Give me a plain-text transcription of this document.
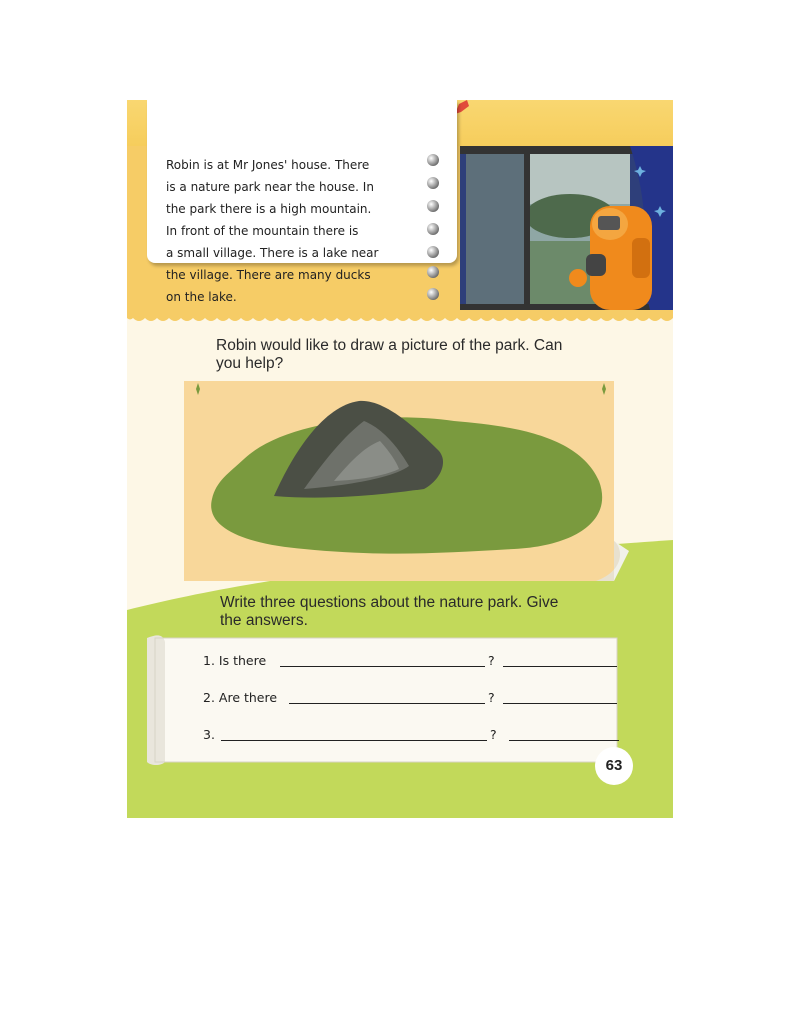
Robin is at Mr Jones' house. There
is a nature park near the house. In
the park there is a high mountain.
In front of the mountain there is
a small village. There is a lake near
the village. There are many ducks
on the lake.
Robin would like to draw a picture of the park. Can
you help?
Write three questions about the nature park. Give
the answers.
1. Is there	?
2. Are there	?
3.	?
63
